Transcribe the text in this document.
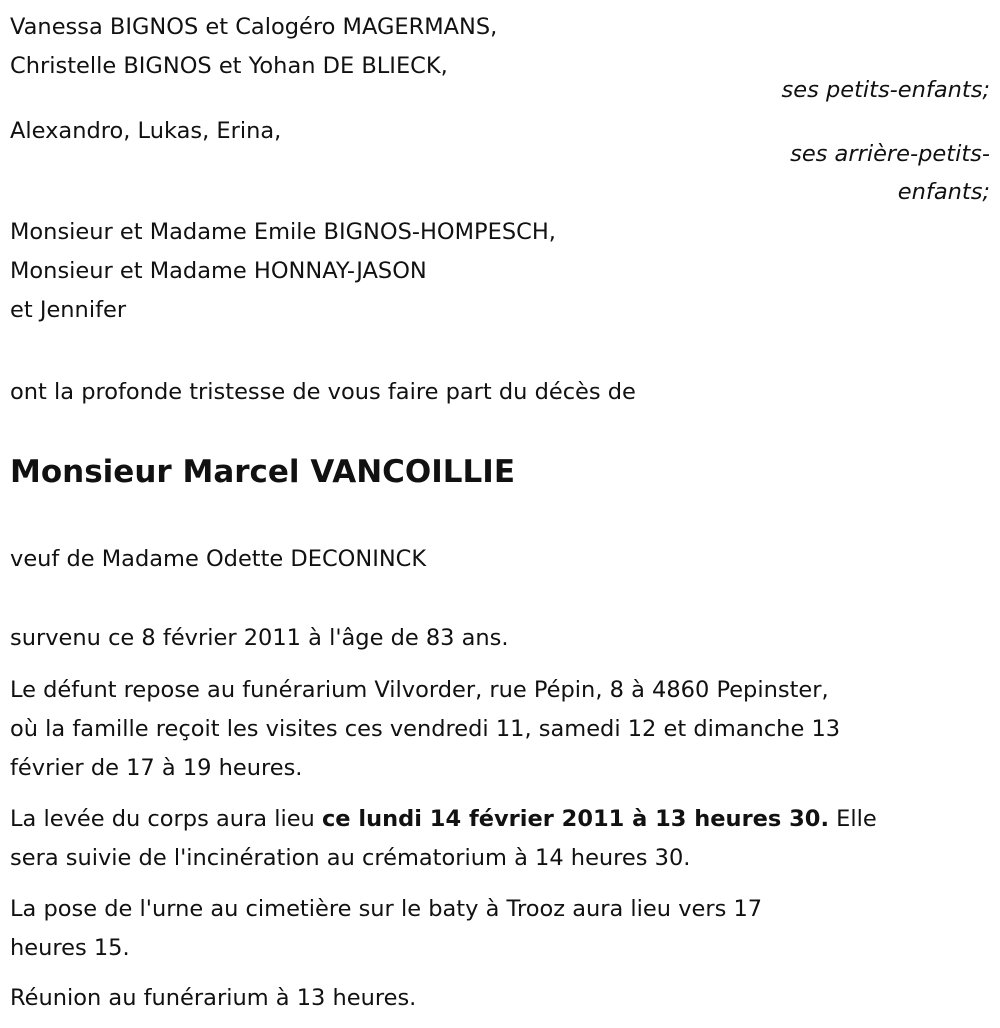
Vanessa BIGNOS et Calogéro MAGERMANS,
Christelle BIGNOS et Yohan DE BLIECK,
ses petits-enfants;
Alexandro, Lukas, Erina,
ses arrière-petits-
enfants;
Monsieur et Madame Emile BIGNOS-HOMPESCH,
Monsieur et Madame HONNAY-JASON
et Jennifer
ont la profonde tristesse de vous faire part du décès de
Monsieur Marcel VANCOILLIE
veuf de Madame Odette DECONINCK
survenu ce 8 février 2011 à l'âge de 83 ans.
Le défunt repose au funérarium Vilvorder, rue Pépin, 8 à 4860 Pepinster,
où la famille reçoit les visites ces vendredi 11, samedi 12 et dimanche 13
février de 17 à 19 heures.
La levée du corps aura lieu ce lundi 14 février 2011 à 13 heures 30. Elle
sera suivie de l'incinération au crématorium à 14 heures 30.
La pose de l'urne au cimetière sur le baty à Trooz aura lieu vers 17
heures 15.
Réunion au funérarium à 13 heures.
